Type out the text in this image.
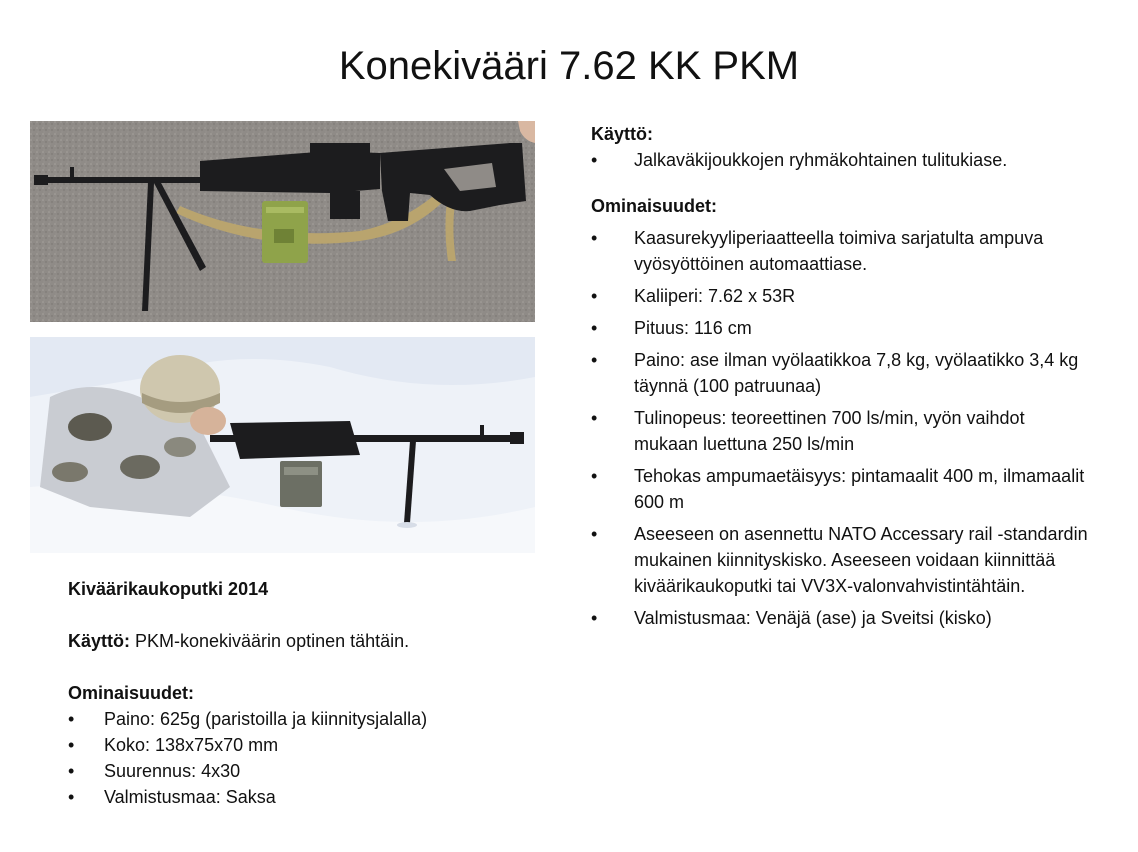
Konekivääri 7.62 KK PKM

Käyttö:

• Jalkaväkijoukkojen ryhmäkohtainen tulitukiase.

Ominaisuudet:

• Kaasurekyyliperiaatteella toimiva sarjatulta ampuva vyösyöttöinen automaattiase.
• Kaliiperi: 7.62 x 53R
• Pituus: 116 cm
• Paino: ase ilman vyölaatikkoa 7,8 kg, vyölaatikko 3,4 kg täynnä (100 patruunaa)
• Tulinopeus: teoreettinen 700 ls/min, vyön vaihdot mukaan luettuna 250 ls/min
• Tehokas ampumaetäisyys: pintamaalit 400 m, ilmamaalit 600 m
• Aseeseen on asennettu NATO Accessary rail -standardin mukainen kiinnityskisko. Aseeseen voidaan kiinnittää kiväärikaukoputki tai VV3X-valonvahvistintähtäin.
• Valmistusmaa: Venäjä (ase) ja Sveitsi (kisko)

Kiväärikaukoputki 2014

Käyttö: PKM-konekiväärin optinen tähtäin.

Ominaisuudet:

• Paino: 625g (paristoilla ja kiinnitysjalalla)
• Koko: 138x75x70 mm
• Suurennus: 4x30
• Valmistusmaa: Saksa
